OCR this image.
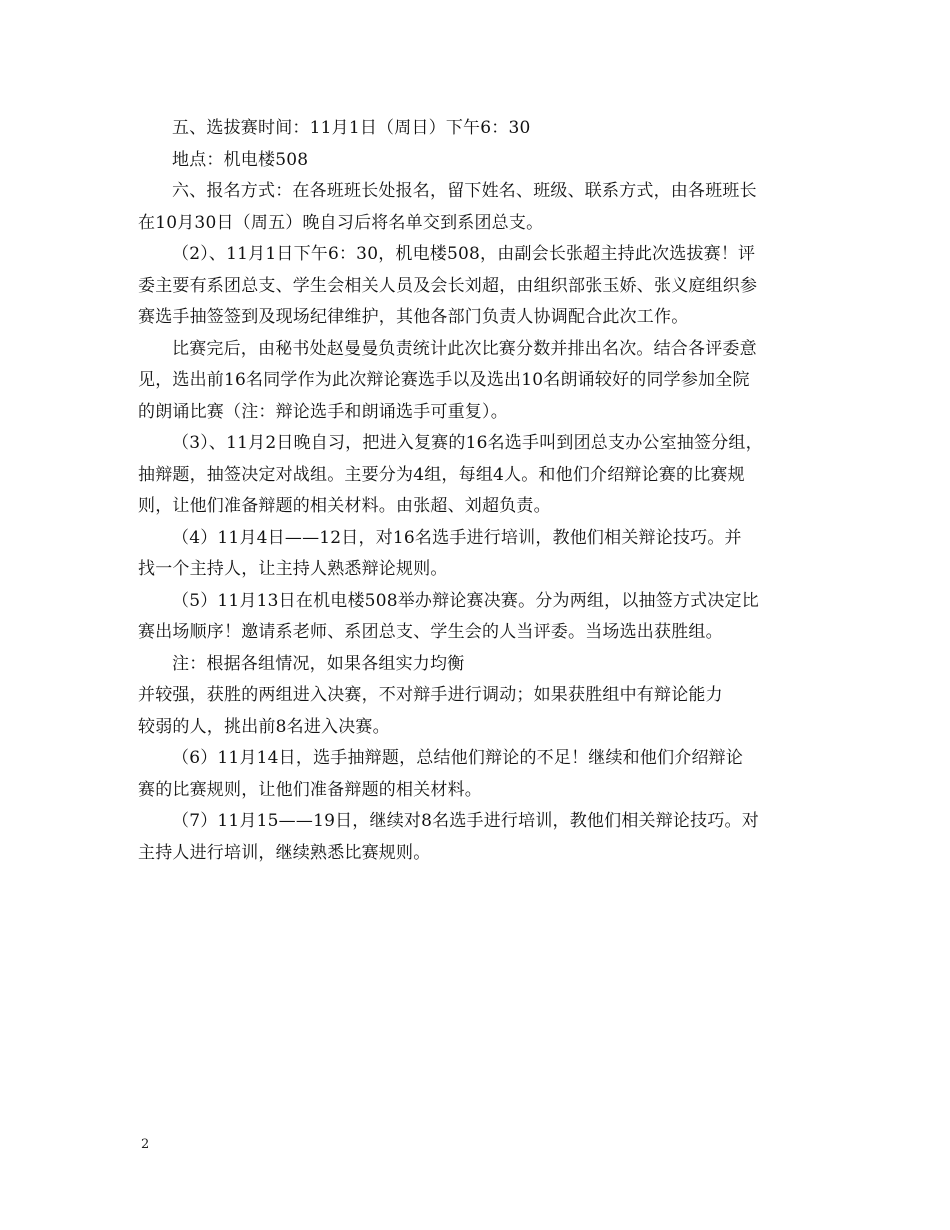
五、选拔赛时间：11月1日（周日）下午6：30
地点：机电楼508
六、报名方式：在各班班长处报名，留下姓名、班级、联系方式，由各班班长
在10月30日（周五）晚自习后将名单交到系团总支。
（2）、11月1日下午6：30，机电楼508，由副会长张超主持此次选拔赛！评
委主要有系团总支、学生会相关人员及会长刘超，由组织部张玉娇、张义庭组织参
赛选手抽签签到及现场纪律维护，其他各部门负责人协调配合此次工作。
比赛完后，由秘书处赵曼曼负责统计此次比赛分数并排出名次。结合各评委意
见，选出前16名同学作为此次辩论赛选手以及选出10名朗诵较好的同学参加全院
的朗诵比赛（注：辩论选手和朗诵选手可重复）。
（3）、11月2日晚自习，把进入复赛的16名选手叫到团总支办公室抽签分组，
抽辩题，抽签决定对战组。主要分为4组，每组4人。和他们介绍辩论赛的比赛规
则，让他们准备辩题的相关材料。由张超、刘超负责。
（4）11月4日——12日，对16名选手进行培训，教他们相关辩论技巧。并
找一个主持人，让主持人熟悉辩论规则。
（5）11月13日在机电楼508举办辩论赛决赛。分为两组，以抽签方式决定比
赛出场顺序！邀请系老师、系团总支、学生会的人当评委。当场选出获胜组。
注：根据各组情况，如果各组实力均衡
并较强，获胜的两组进入决赛，不对辩手进行调动；如果获胜组中有辩论能力
较弱的人，挑出前8名进入决赛。
（6）11月14日，选手抽辩题，总结他们辩论的不足！继续和他们介绍辩论
赛的比赛规则，让他们准备辩题的相关材料。
（7）11月15——19日，继续对8名选手进行培训，教他们相关辩论技巧。对
主持人进行培训，继续熟悉比赛规则。
2
